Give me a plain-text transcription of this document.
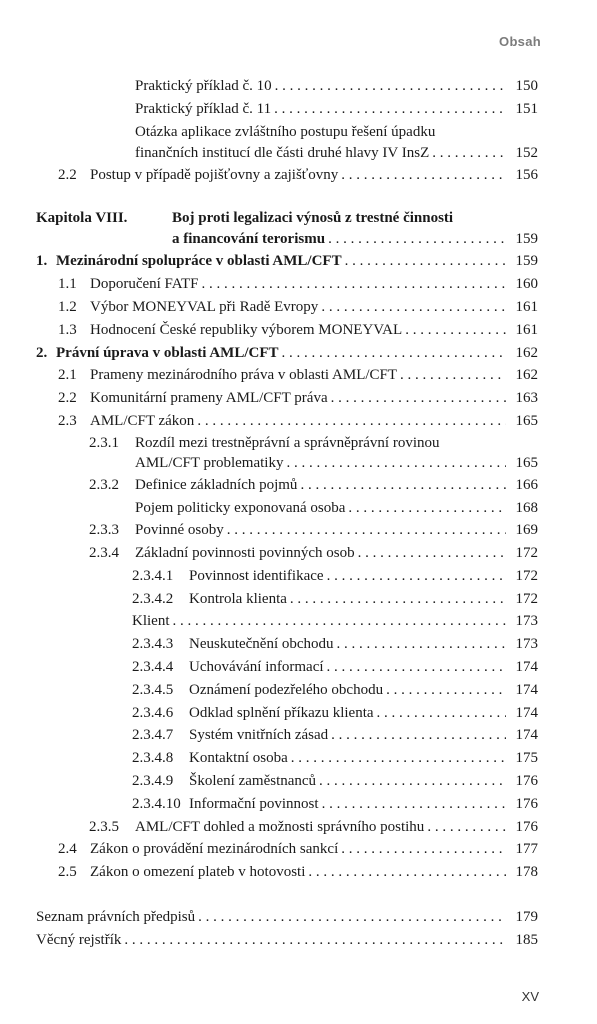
Obsah
Praktický příklad č. 10 . . .	150
Praktický příklad č. 11 . . .	151
Otázka aplikace zvláštního postupu řešení úpadku
finančních institucí dle části druhé hlavy IV InsZ . . .	152
2.2 Postup v případě pojišťovny a zajišťovny . . .	156
Kapitola VIII.	Boj proti legalizaci výnosů z trestné činnosti
a financování terorismu . . .	159
1. Mezinárodní spolupráce v oblasti AML/CFT . . .	159
1.1 Doporučení FATF . . .	160
1.2 Výbor MONEYVAL při Radě Evropy . . .	161
1.3 Hodnocení České republiky výborem MONEYVAL . . .	161
2. Právní úprava v oblasti AML/CFT . . .	162
2.1 Prameny mezinárodního práva v oblasti AML/CFT . . .	162
2.2 Komunitární prameny AML/CFT práva . . .	163
2.3 AML/CFT zákon . . .	165
2.3.1 Rozdíl mezi trestněprávní a správněprávní rovinou
AML/CFT problematiky . . .	165
2.3.2 Definice základních pojmů . . .	166
Pojem politicky exponovaná osoba . . .	168
2.3.3 Povinné osoby . . .	169
2.3.4 Základní povinnosti povinných osob . . .	172
2.3.4.1 Povinnost identifikace . . .	172
2.3.4.2 Kontrola klienta . . .	172
Klient . . .	173
2.3.4.3 Neuskutečnění obchodu . . .	173
2.3.4.4 Uchovávání informací . . .	174
2.3.4.5 Oznámení podezřelého obchodu . . .	174
2.3.4.6 Odklad splnění příkazu klienta . . .	174
2.3.4.7 Systém vnitřních zásad . . .	174
2.3.4.8 Kontaktní osoba . . .	175
2.3.4.9 Školení zaměstnanců . . .	176
2.3.4.10 Informační povinnost . . .	176
2.3.5 AML/CFT dohled a možnosti správního postihu . . .	176
2.4 Zákon o provádění mezinárodních sankcí . . .	177
2.5 Zákon o omezení plateb v hotovosti . . .	178
Seznam právních předpisů . . .	179
Věcný rejstřík . . .	185
XV
